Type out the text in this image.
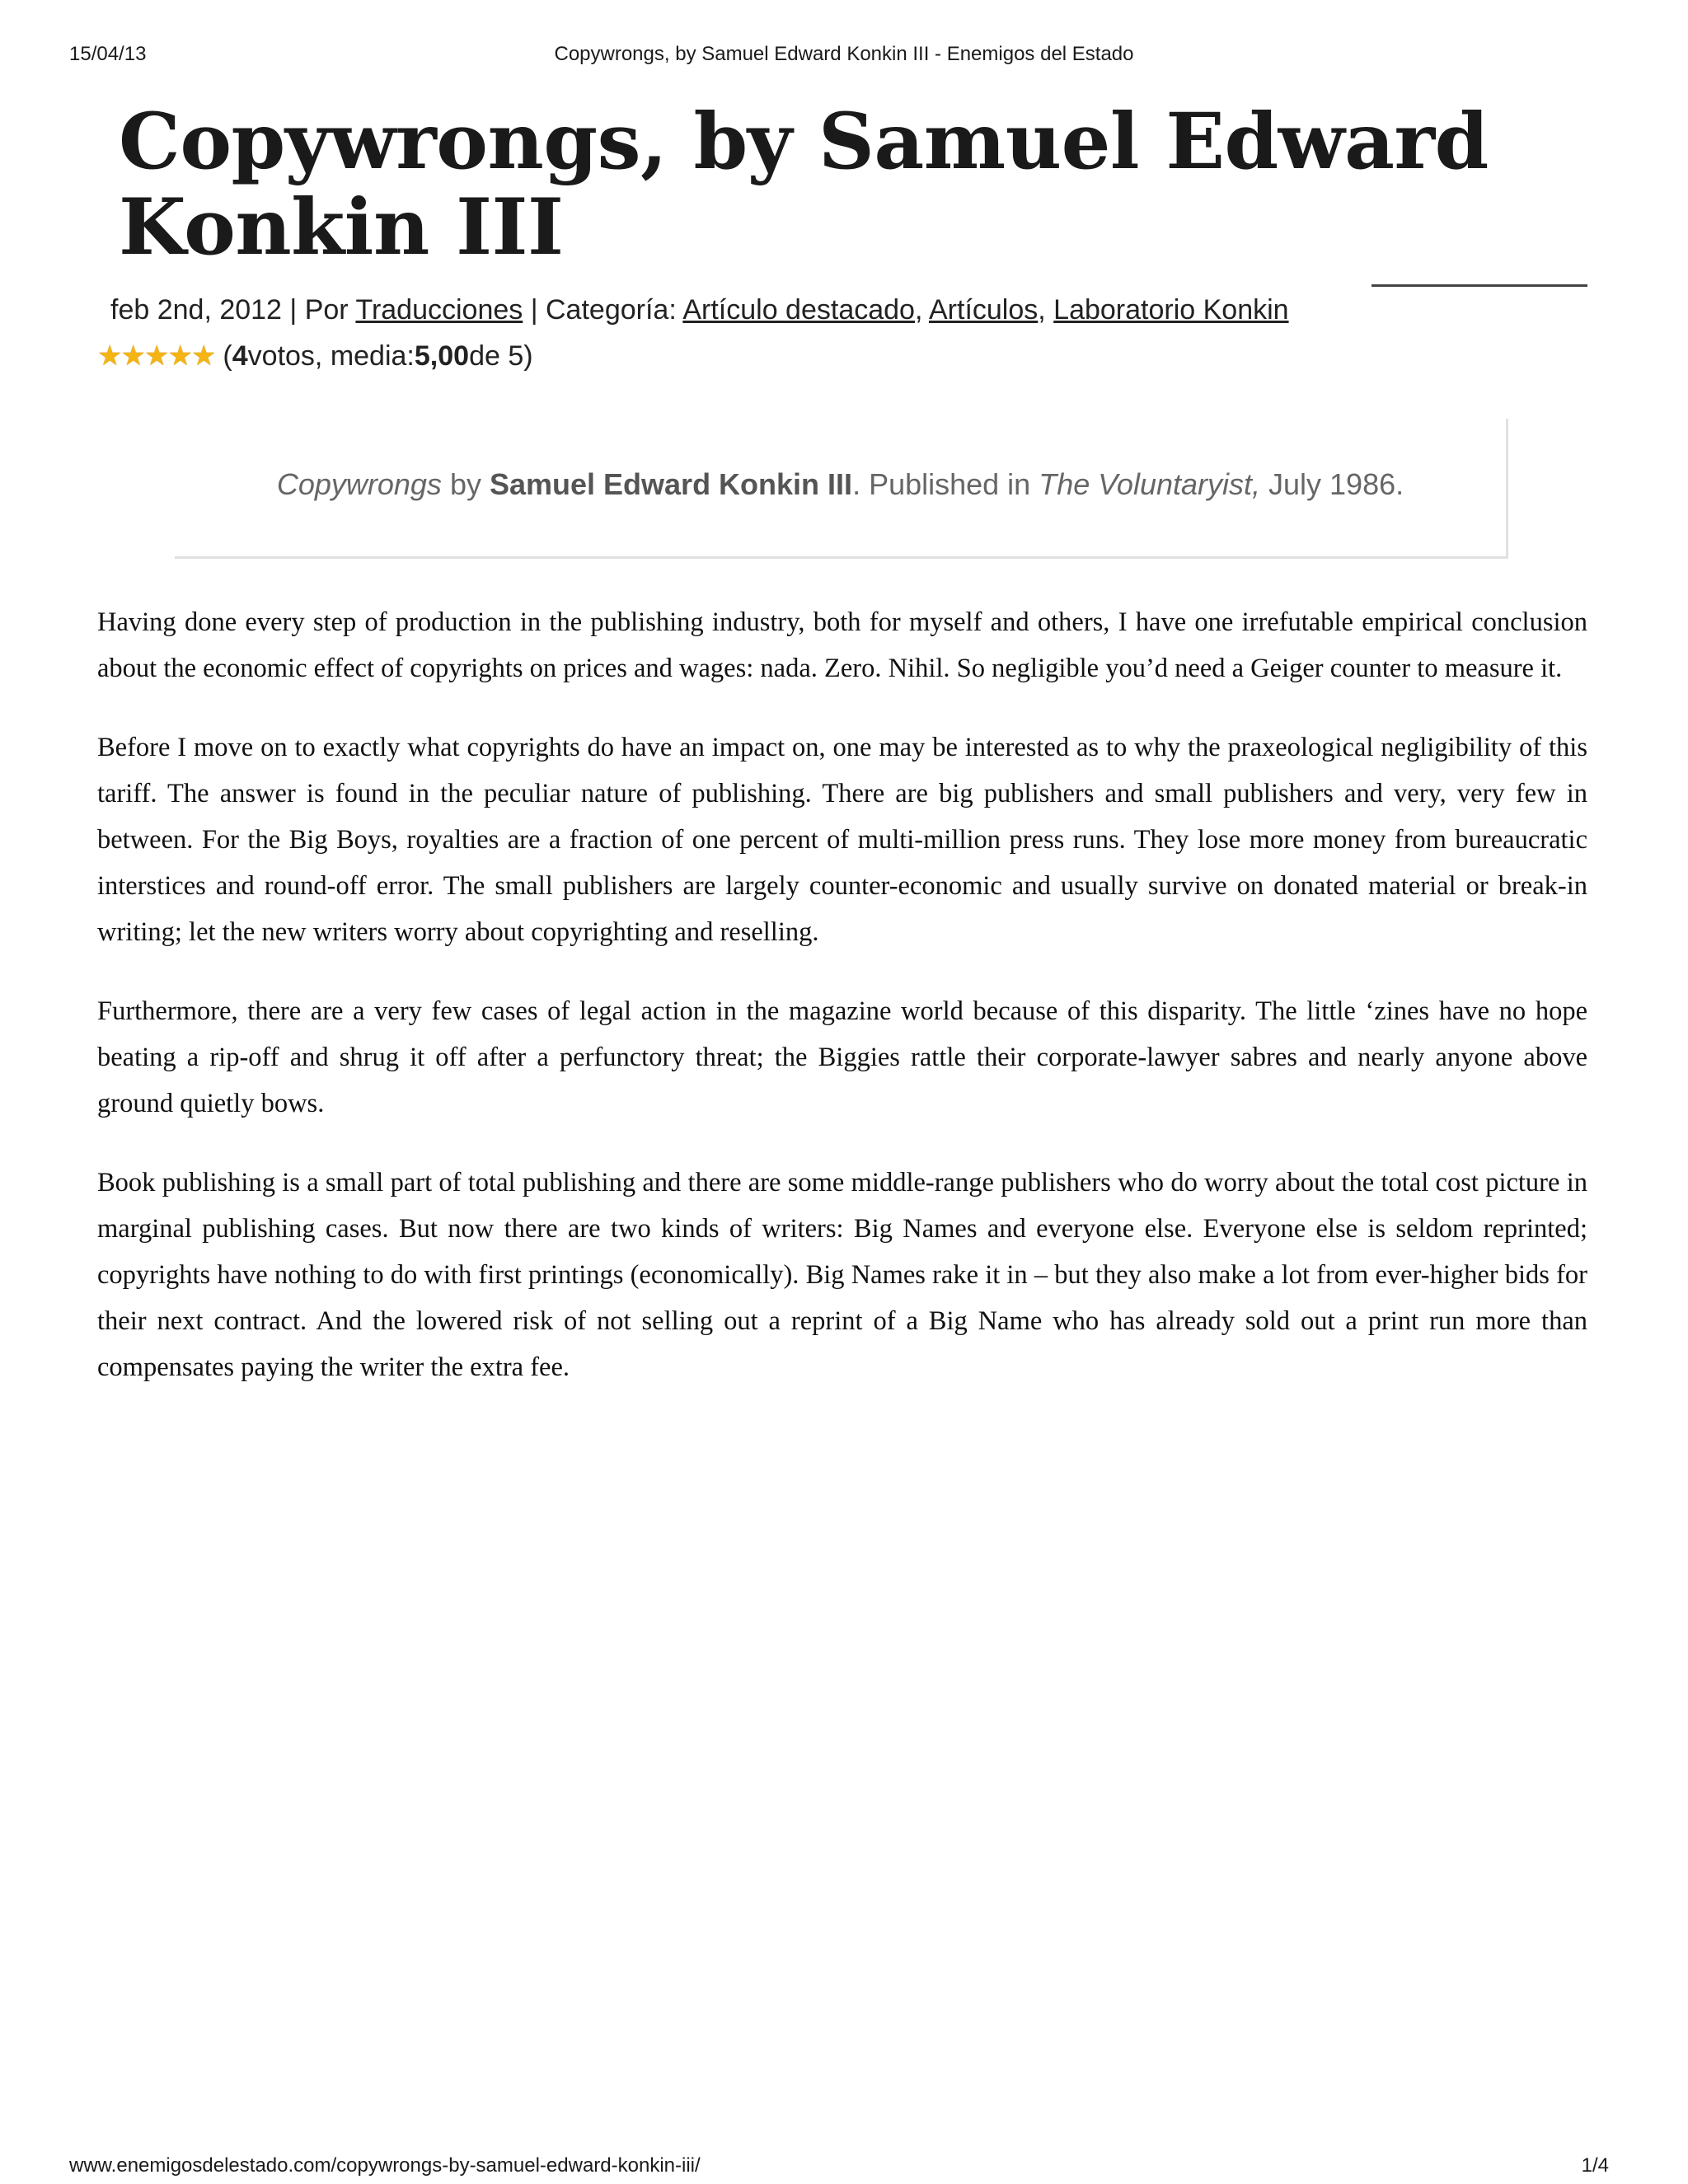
15/04/13	Copywrongs, by Samuel Edward Konkin III - Enemigos del Estado
Copywrongs, by Samuel Edward Konkin III
feb 2nd, 2012 | Por Traducciones | Categoría: Artículo destacado, Artículos, Laboratorio Konkin
★
★
★
★
★ ( 4 votos, media: 5,00 de 5)
Copywrongs by Samuel Edward Konkin III. Published in The Voluntaryist, July 1986.

Having done every step of production in the publishing industry, both for myself and others, I have one irrefutable empirical conclusion about the economic effect of copyrights on prices and wages: nada. Zero. Nihil. So negligible you’d need a Geiger counter to measure it.

Before I move on to exactly what copyrights do have an impact on, one may be interested as to why the praxeological negligibility of this tariff. The answer is found in the peculiar nature of publishing. There are big publishers and small publishers and very, very few in between. For the Big Boys, royalties are a fraction of one percent of multi-million press runs. They lose more money from bureaucratic interstices and round-off error. The small publishers are largely counter-economic and usually survive on donated material or break-in writing; let the new writers worry about copyrighting and reselling.

Furthermore, there are a very few cases of legal action in the magazine world because of this disparity. The little ‘zines have no hope beating a rip-off and shrug it off after a perfunctory threat; the Biggies rattle their corporate-lawyer sabres and nearly anyone above ground quietly bows.

Book publishing is a small part of total publishing and there are some middle-range publishers who do worry about the total cost picture in marginal publishing cases. But now there are two kinds of writers: Big Names and everyone else. Everyone else is seldom reprinted; copyrights have nothing to do with first printings (economically). Big Names rake it in – but they also make a lot from ever-higher bids for their next contract. And the lowered risk of not selling out a reprint of a Big Name who has already sold out a print run more than compensates paying the writer the extra fee.

www.enemigosdelestado.com/copywrongs-by-samuel-edward-konkin-iii/	1/4
